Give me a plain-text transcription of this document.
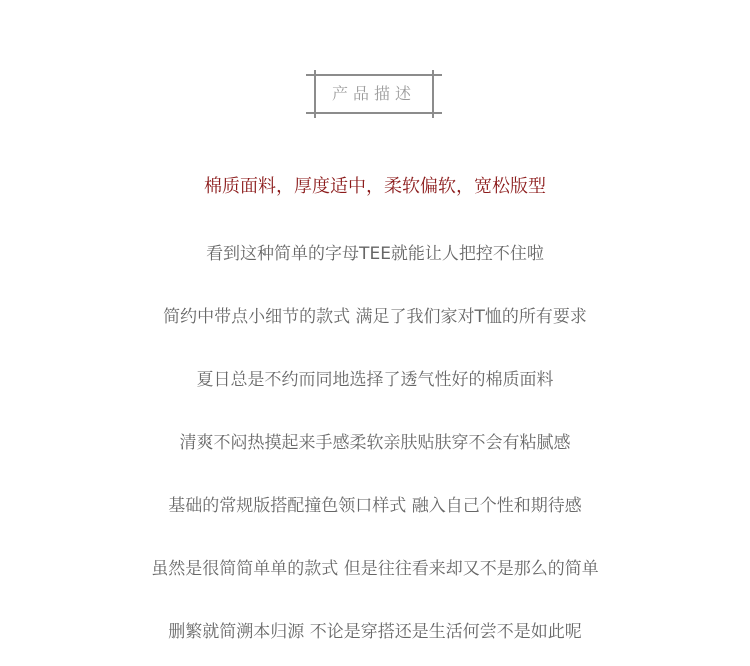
产品描述
棉质面料，厚度适中，柔软偏软，宽松版型
看到这种简单的字母TEE就能让人把控不住啦
简约中带点小细节的款式 满足了我们家对T恤的所有要求
夏日总是不约而同地选择了透气性好的棉质面料
清爽不闷热摸起来手感柔软亲肤贴肤穿不会有粘腻感
基础的常规版搭配撞色领口样式 融入自己个性和期待感
虽然是很简简单单的款式 但是往往看来却又不是那么的简单
删繁就简溯本归源 不论是穿搭还是生活何尝不是如此呢
